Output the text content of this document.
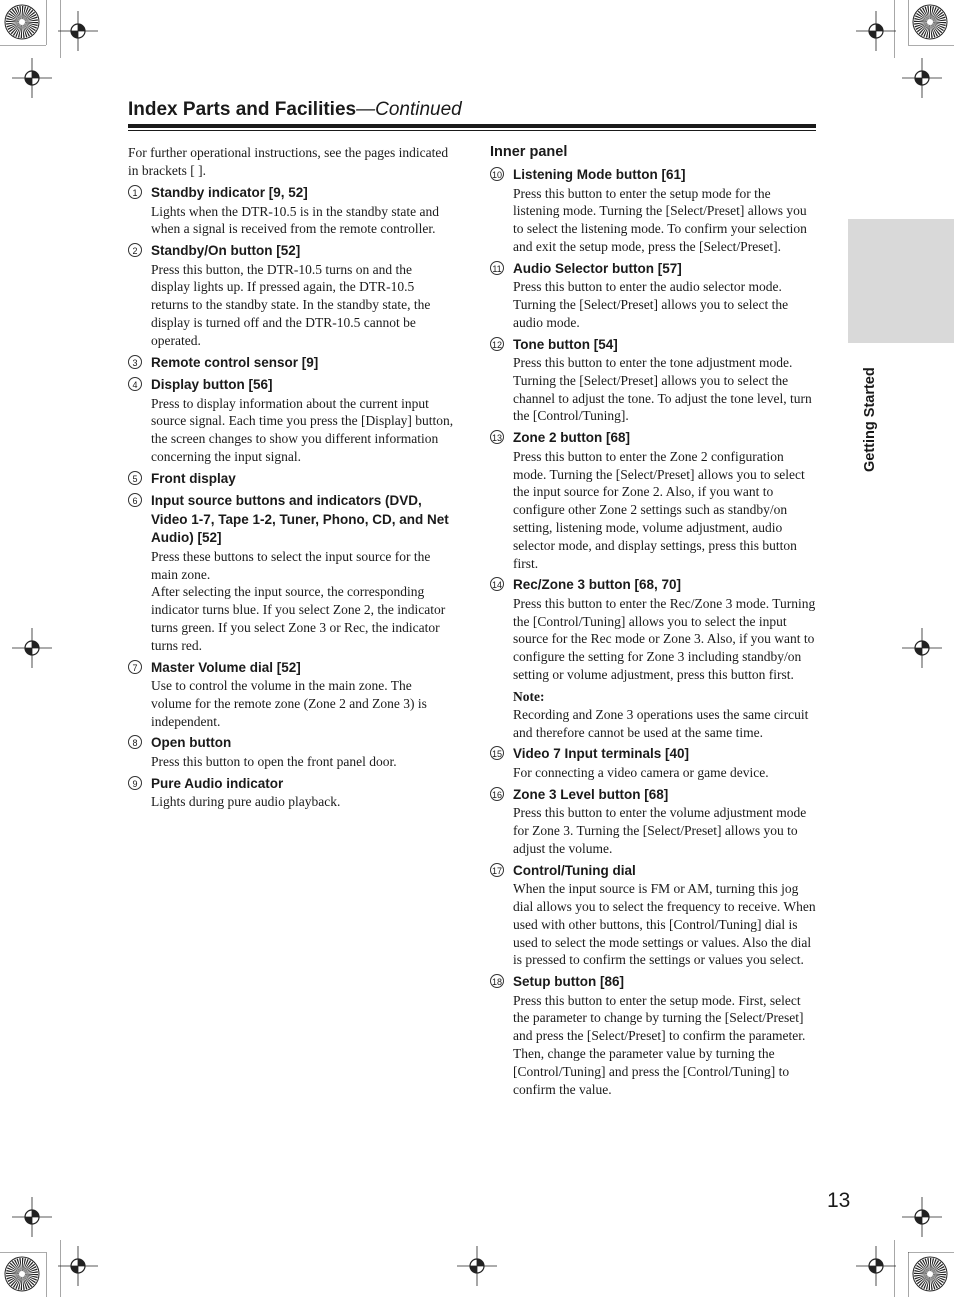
Index Parts and Facilities—Continued

For further operational instructions, see the pages indicated in brackets [ ].

1	Standby indicator [9, 52]
Lights when the DTR-10.5 is in the standby state and when a signal is received from the remote controller.
2	Standby/On button [52]
Press this button, the DTR-10.5 turns on and the display lights up. If pressed again, the DTR-10.5 returns to the standby state. In the standby state, the display is turned off and the DTR-10.5 cannot be operated.
3	Remote control sensor [9]
4	Display button [56]
Press to display information about the current input source signal. Each time you press the [Display] button, the screen changes to show you different information concerning the input signal.
5	Front display
6	Input source buttons and indicators (DVD, Video 1-7, Tape 1-2, Tuner, Phono, CD, and Net Audio) [52]
Press these buttons to select the input source for the main zone.
After selecting the input source, the corresponding indicator turns blue. If you select Zone 2, the indicator turns green. If you select Zone 3 or Rec, the indicator turns red.
7	Master Volume dial [52]
Use to control the volume in the main zone. The volume for the remote zone (Zone 2 and Zone 3) is independent.
8	Open button
Press this button to open the front panel door.
9	Pure Audio indicator
Lights during pure audio playback.
Inner panel
10 Listening Mode button [61]
Press this button to enter the setup mode for the listening mode. Turning the [Select/Preset] allows you to select the listening mode. To confirm your selection and exit the setup mode, press the [Select/Preset].
11 Audio Selector button [57]
Press this button to enter the audio selector mode. Turning the [Select/Preset] allows you to select the audio mode.
12 Tone button [54]
Press this button to enter the tone adjustment mode. Turning the [Select/Preset] allows you to select the channel to adjust the tone. To adjust the tone level, turn the [Control/Tuning].
13 Zone 2 button [68]
Press this button to enter the Zone 2 configuration mode. Turning the [Select/Preset] allows you to select the input source for Zone 2. Also, if you want to configure other Zone 2 settings such as standby/on setting, listening mode, volume adjustment, audio selector mode, and display settings, press this button first.
14 Rec/Zone 3 button [68, 70]
Press this button to enter the Rec/Zone 3 mode. Turning the [Control/Tuning] allows you to select the input source for the Rec mode or Zone 3. Also, if you want to configure the setting for Zone 3 including standby/on setting or volume adjustment, press this button first.
Note:
Recording and Zone 3 operations uses the same circuit and therefore cannot be used at the same time.
15 Video 7 Input terminals [40]
For connecting a video camera or game device.
16 Zone 3 Level button [68]
Press this button to enter the volume adjustment mode for Zone 3. Turning the [Select/Preset] allows you to adjust the volume.
17 Control/Tuning dial
When the input source is FM or AM, turning this jog dial allows you to select the frequency to receive. When used with other buttons, this [Control/Tuning] dial is used to select the mode settings or values. Also the dial is pressed to confirm the settings or values you select.
18 Setup button [86]
Press this button to enter the setup mode. First, select the parameter to change by turning the [Select/Preset] and press the [Select/Preset] to confirm the parameter. Then, change the parameter value by turning the [Control/Tuning] and press the [Control/Tuning] to confirm the value.
Getting Started
13
